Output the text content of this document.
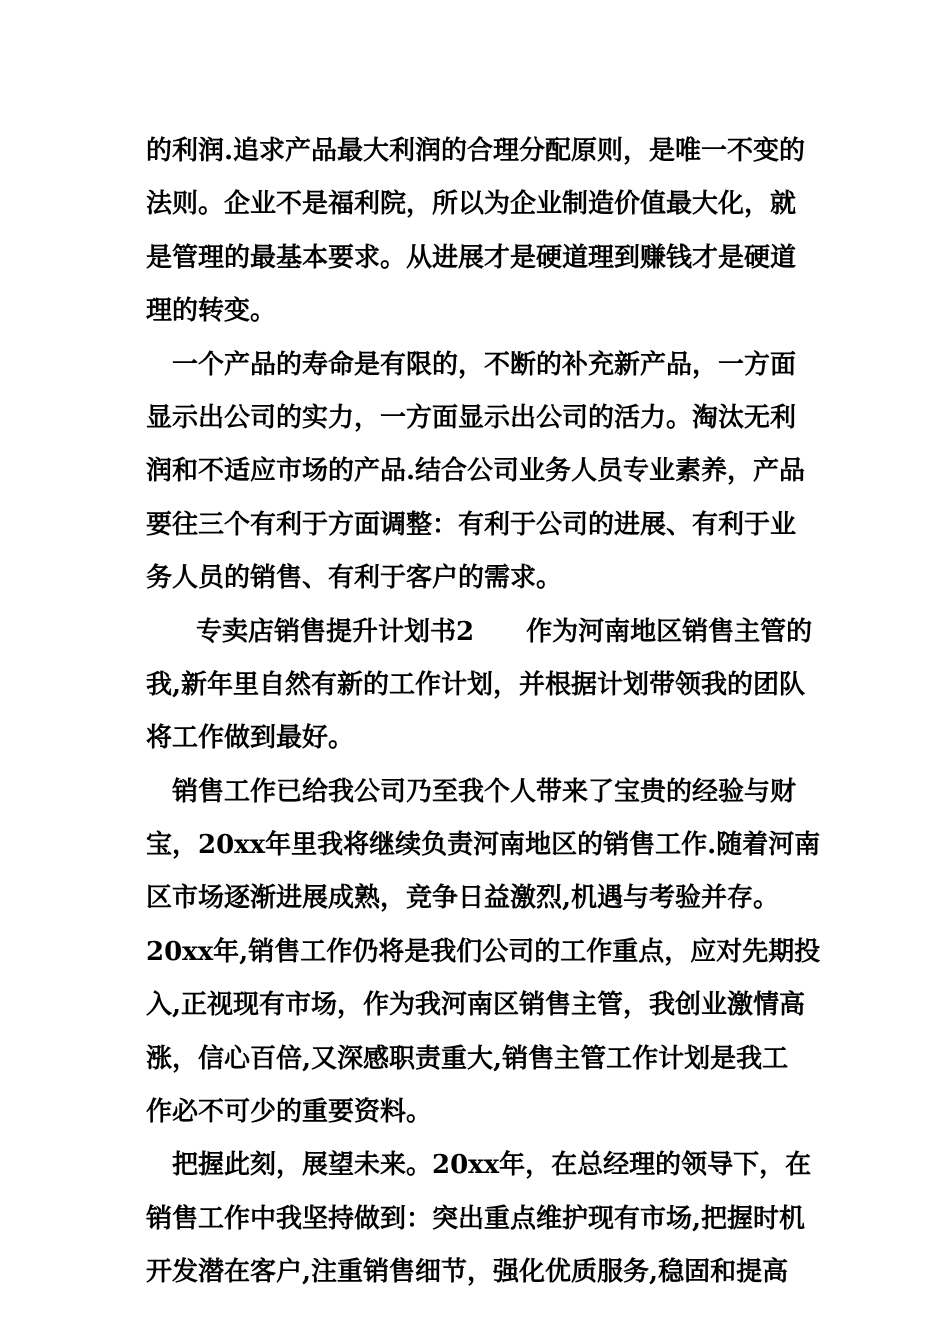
的利润.追求产品最大利润的合理分配原则，是唯一不变的
法则。企业不是福利院，所以为企业制造价值最大化，就
是管理的最基本要求。从进展才是硬道理到赚钱才是硬道
理的转变。
一个产品的寿命是有限的，不断的补充新产品，一方面
显示出公司的实力，一方面显示出公司的活力。淘汰无利
润和不适应市场的产品.结合公司业务人员专业素养，产品
要往三个有利于方面调整：有利于公司的进展、有利于业
务人员的销售、有利于客户的需求。
专卖店销售提升计划书2 作为河南地区销售主管的
我,新年里自然有新的工作计划，并根据计划带领我的团队
将工作做到最好。
销售工作已给我公司乃至我个人带来了宝贵的经验与财
宝，20xx年里我将继续负责河南地区的销售工作.随着河南
区市场逐渐进展成熟，竞争日益激烈,机遇与考验并存。
20xx年,销售工作仍将是我们公司的工作重点，应对先期投
入,正视现有市场，作为我河南区销售主管，我创业激情高
涨，信心百倍,又深感职责重大,销售主管工作计划是我工
作必不可少的重要资料。
把握此刻，展望未来。20xx年，在总经理的领导下，在
销售工作中我坚持做到：突出重点维护现有市场,把握时机
开发潜在客户,注重销售细节，强化优质服务,稳固和提高
